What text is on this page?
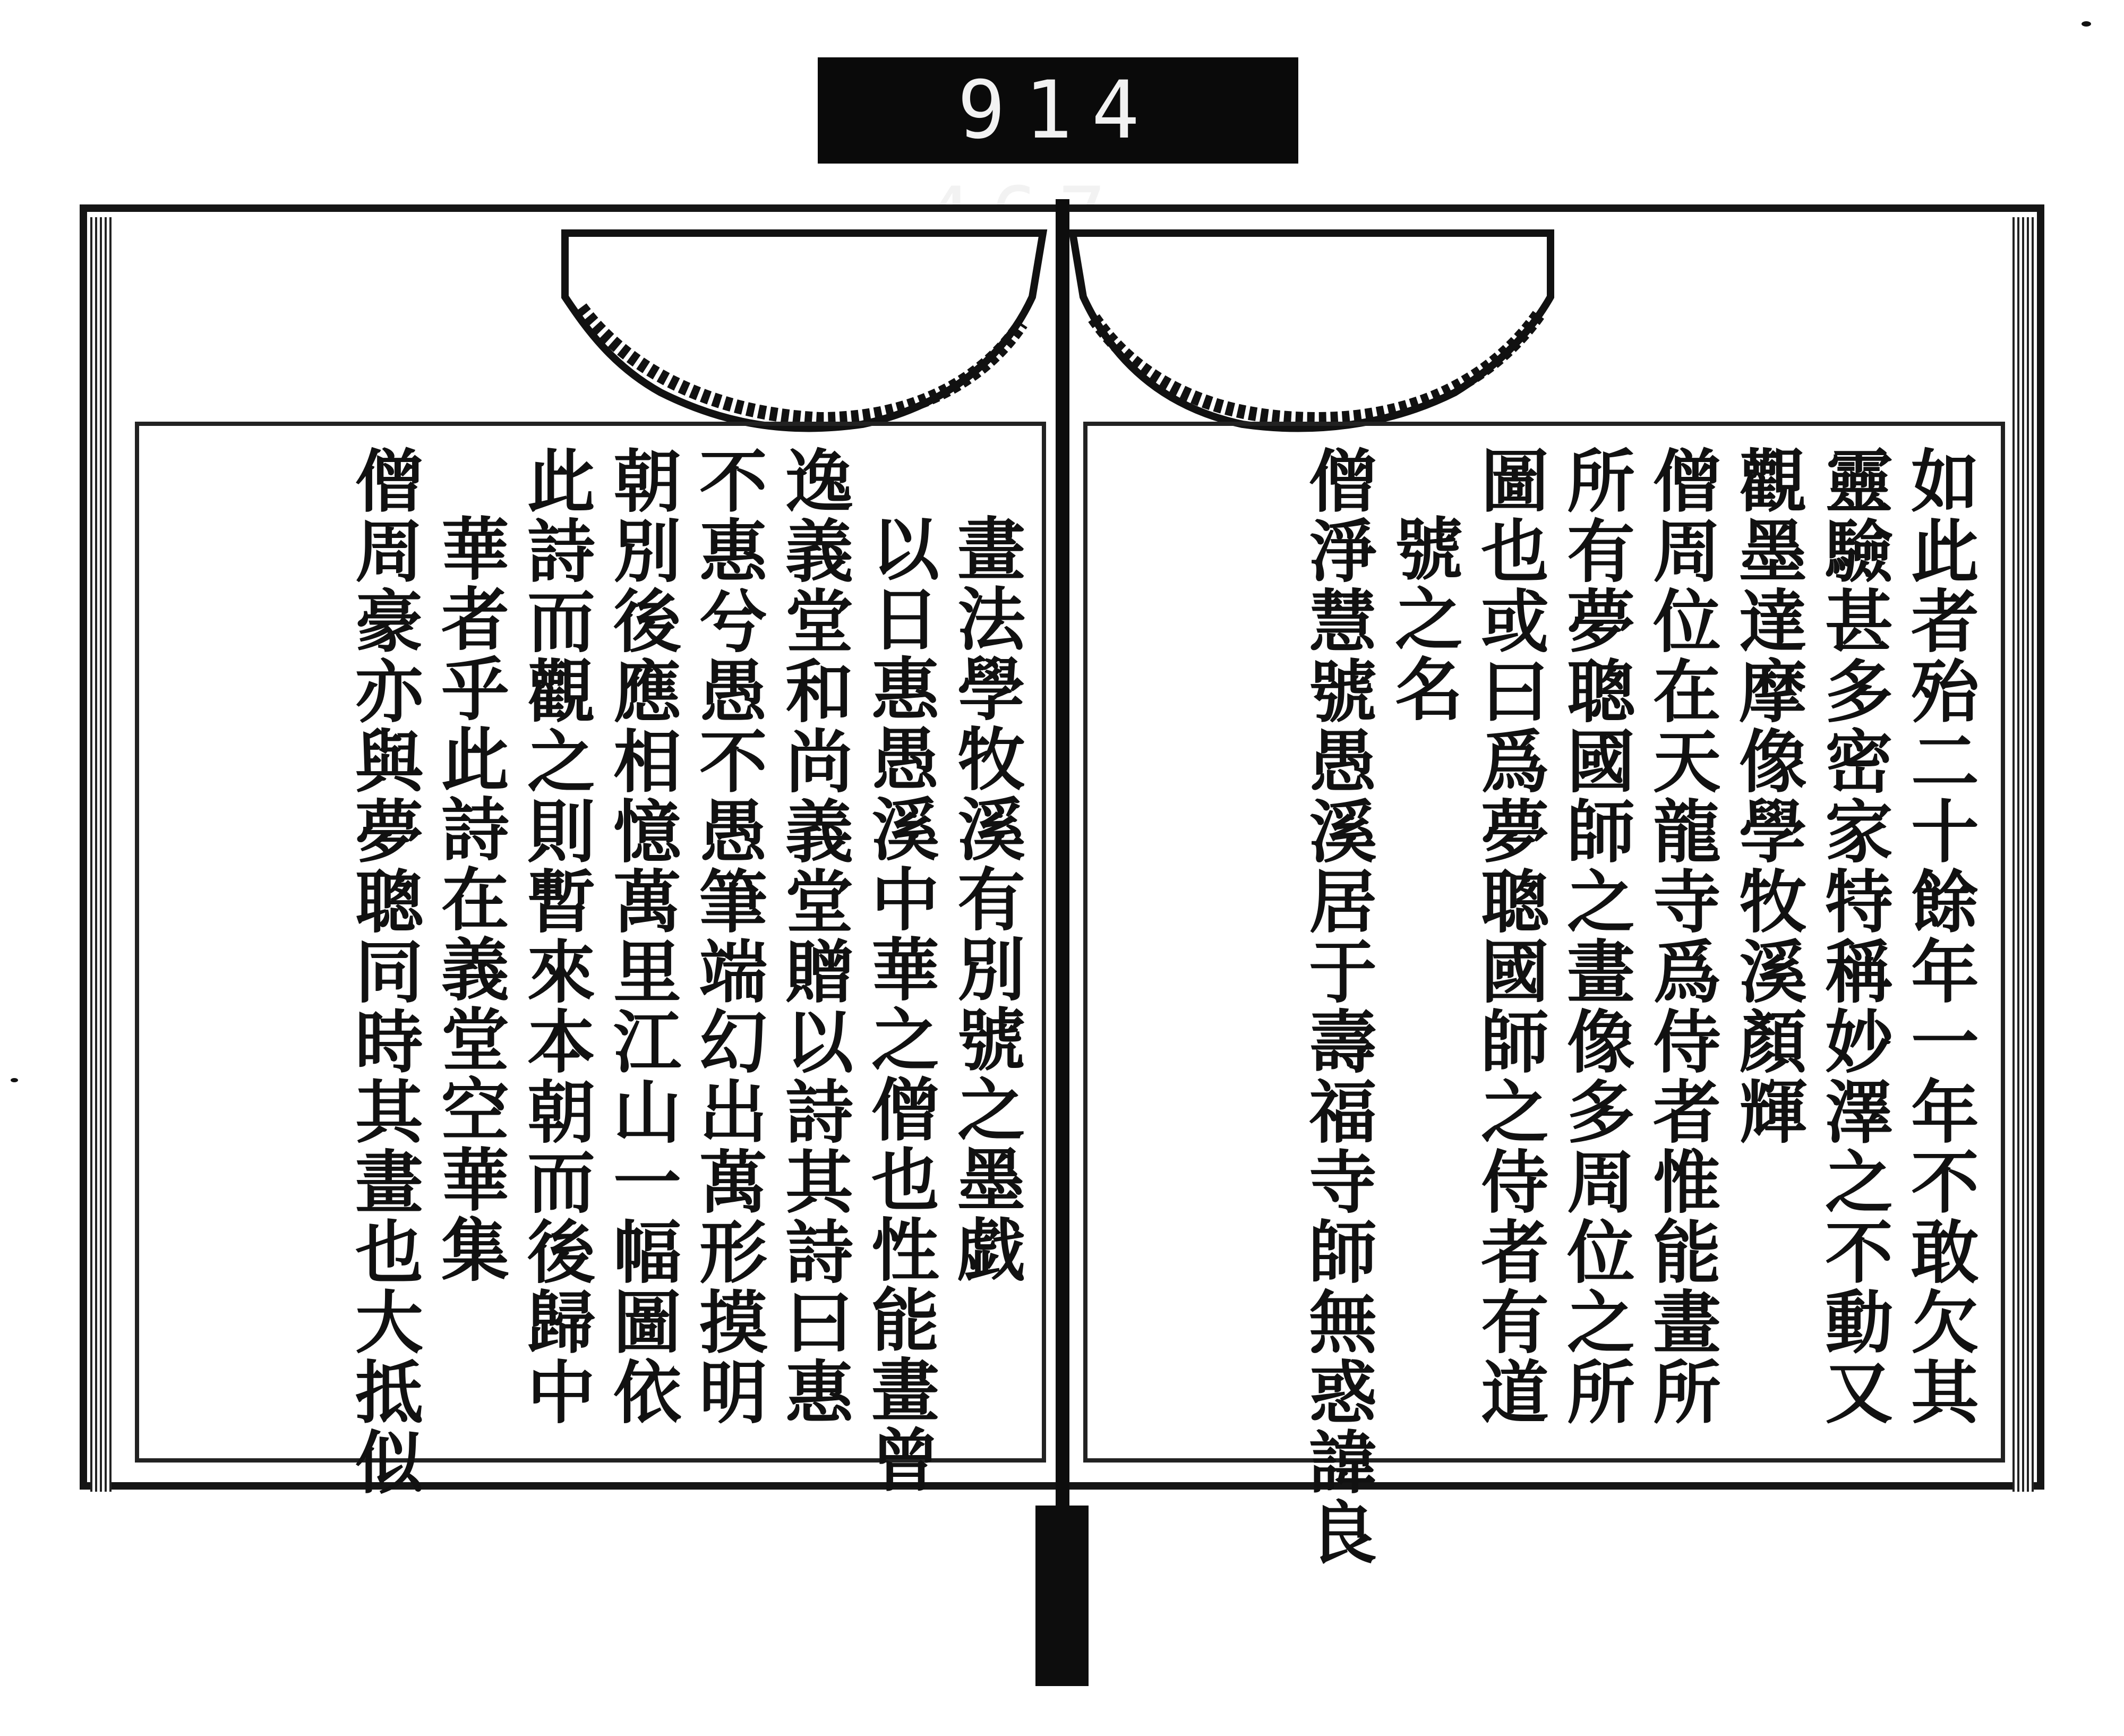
914
畫法學牧溪有別號之墨戯
以日惠愚溪中華之僧也性能畫曾
逸義堂和尚義堂贈以詩其詩曰惠
不惠兮愚不愚筆端幻出萬形摸明
朝別後應相憶萬里江山一幅圖依
此詩而觀之則暫來本朝而後歸中
華者乎此詩在義堂空華集
僧周豪亦與夢聰同時其畫也大抵似	如此者殆二十餘年一年不敢欠其
靈驗甚多密家特稱妙澤之不動又
觀墨達摩像學牧溪顏輝
僧周位在天龍寺爲侍者惟能畫所
所有夢聰國師之畫像多周位之所
圖也或曰爲夢聰國師之侍者有道
號之名
僧淨慧號愚溪居于壽福寺師無惑諱良
